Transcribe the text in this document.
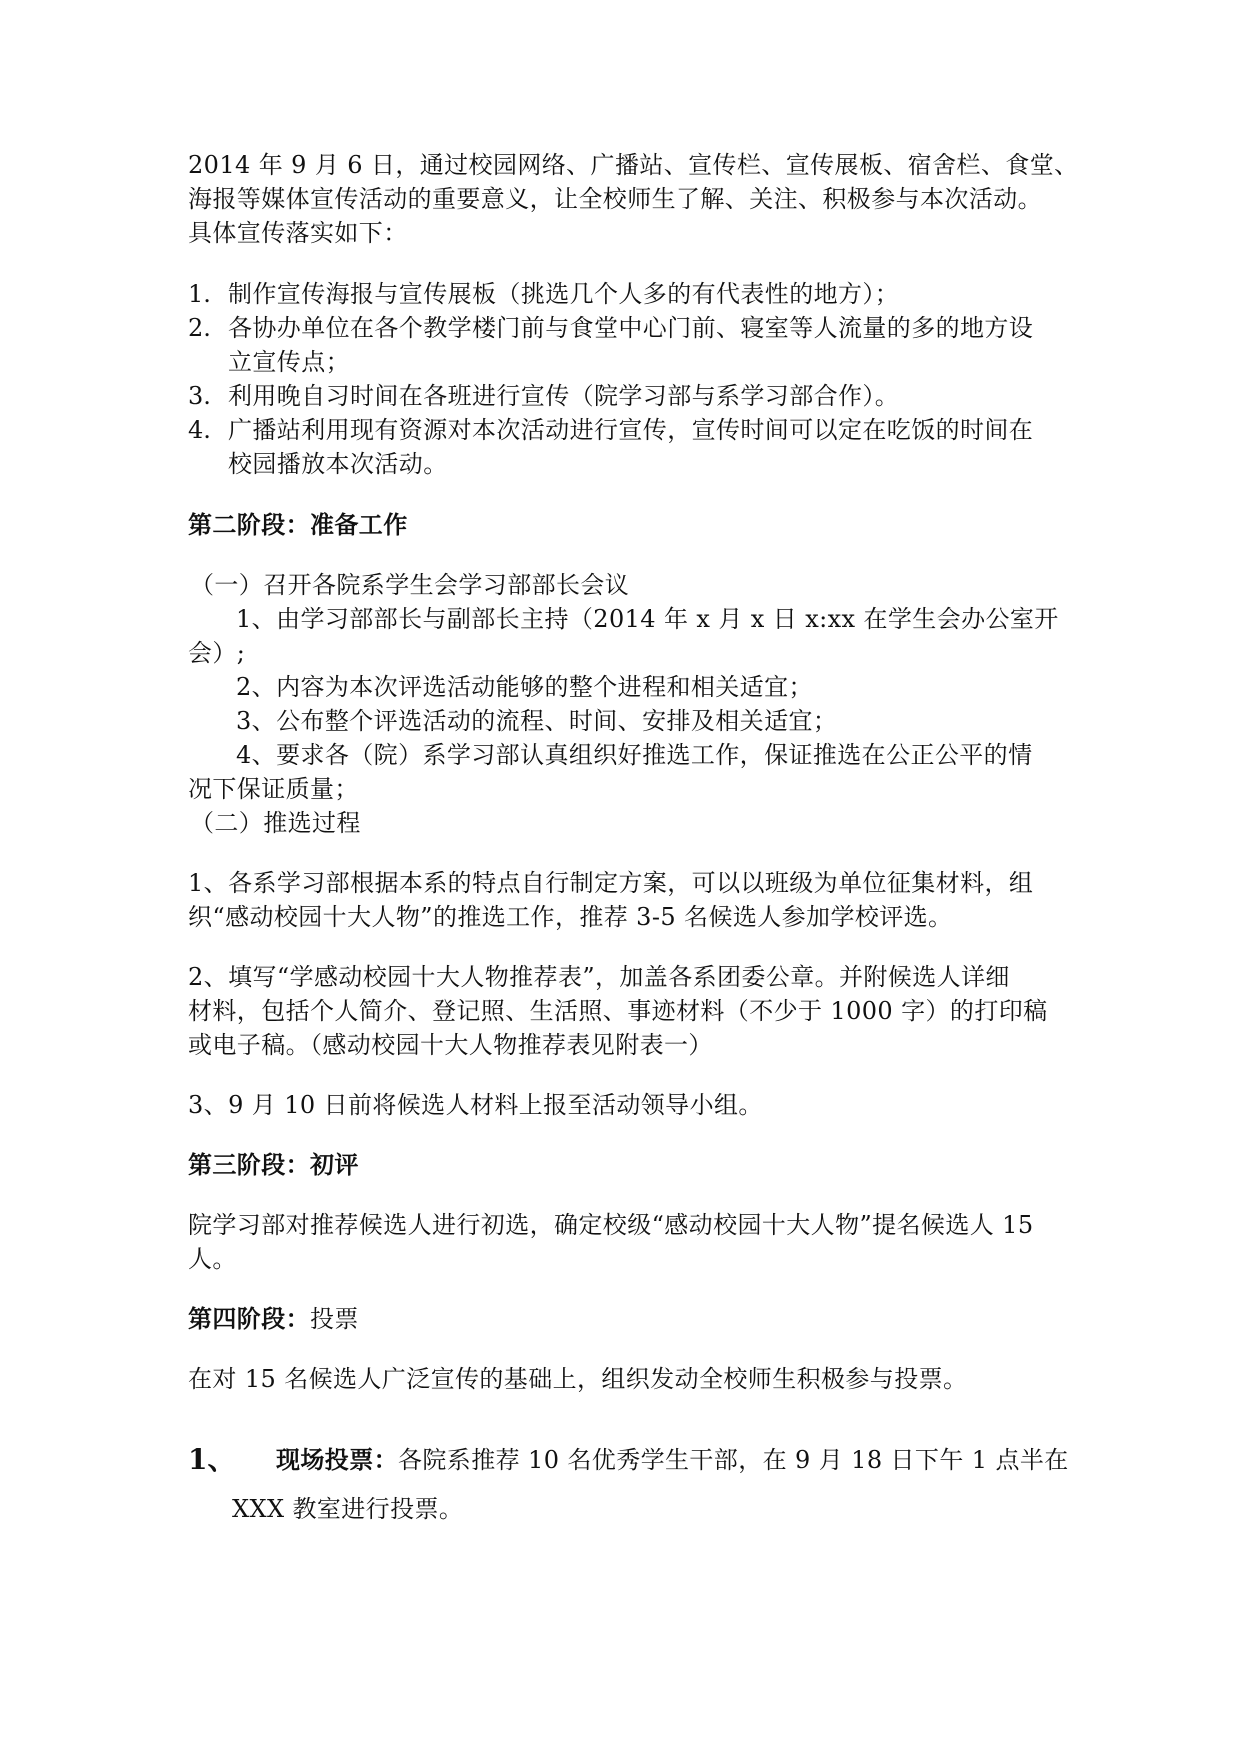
2014 年 9 月 6 日，通过校园网络、广播站、宣传栏、宣传展板、宿舍栏、食堂、
海报等媒体宣传活动的重要意义，让全校师生了解、关注、积极参与本次活动。
具体宣传落实如下：
1. 制作宣传海报与宣传展板（挑选几个人多的有代表性的地方）；
2. 各协办单位在各个教学楼门前与食堂中心门前、寝室等人流量的多的地方设
立宣传点；
3. 利用晚自习时间在各班进行宣传（院学习部与系学习部合作）。
4. 广播站利用现有资源对本次活动进行宣传，宣传时间可以定在吃饭的时间在
校园播放本次活动。
第二阶段：准备工作
（一）召开各院系学生会学习部部长会议
1、由学习部部长与副部长主持（2014 年 x 月 x 日 x:xx 在学生会办公室开
会）;
2、内容为本次评选活动能够的整个进程和相关适宜；
3、公布整个评选活动的流程、时间、安排及相关适宜；
4、要求各（院）系学习部认真组织好推选工作，保证推选在公正公平的情
况下保证质量；
（二）推选过程
1、各系学习部根据本系的特点自行制定方案，可以以班级为单位征集材料，组
织“感动校园十大人物”的推选工作，推荐 3-5 名候选人参加学校评选。
2、填写“学感动校园十大人物推荐表”，加盖各系团委公章。并附候选人详细
材料，包括个人简介、登记照、生活照、事迹材料（不少于 1000 字）的打印稿
或电子稿。（感动校园十大人物推荐表见附表一）
3、9 月 10 日前将候选人材料上报至活动领导小组。
第三阶段：初评
院学习部对推荐候选人进行初选，确定校级“感动校园十大人物”提名候选人 15
人。
第四阶段：投票
在对 15 名候选人广泛宣传的基础上，组织发动全校师生积极参与投票。
1、 现场投票：各院系推荐 10 名优秀学生干部，在 9 月 18 日下午 1 点半在
XXX 教室进行投票。
